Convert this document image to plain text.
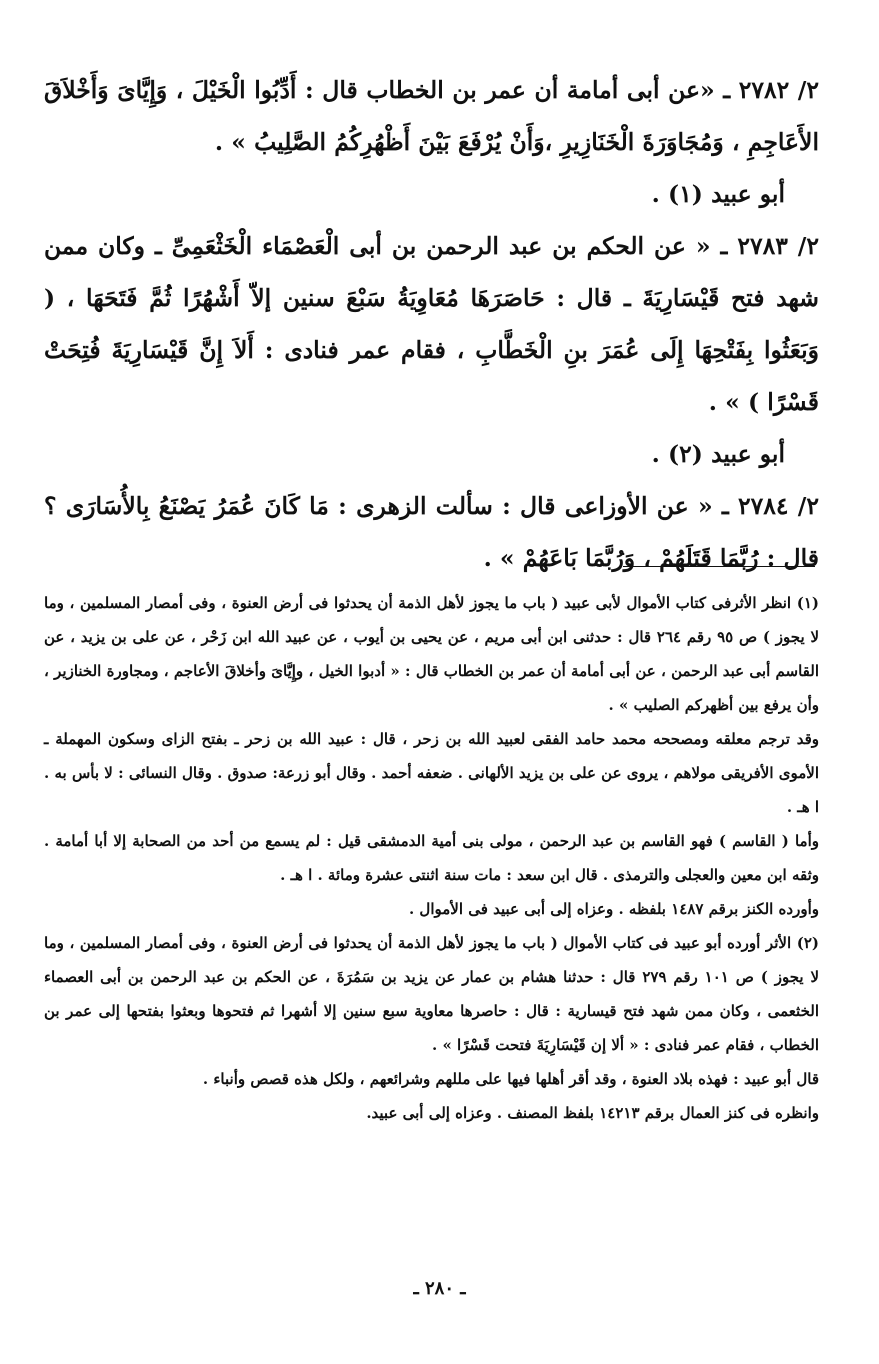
٢/ ٢٧٨٢ ـ «عن أبى أمامة أن عمر بن الخطاب قال : أَدِّبُوا الْخَيْلَ ، وَإِيَّاىَ وَأَخْلاَقَ الأَعَاجِمِ ، وَمُجَاوَرَةَ الْخَنَازِيرِ ،وَأَنْ يُرْفَعَ بَيْنَ أَظْهُرِكُمُ الصَّلِيبُ » .

أبو عبيد (١) .

٢/ ٢٧٨٣ ـ « عن الحكم بن عبد الرحمن بن أبى الْعَصْمَاء الْخَثْعَمِىِّ ـ وكان ممن شهد فتح قَيْسَارِيَةَ ـ قال : حَاصَرَهَا مُعَاوِيَةُ سَبْعَ سنين إلاّ أَشْهُرًا ثُمَّ فَتَحَهَا ، ( وَبَعَثُوا بِفَتْحِهَا إِلَى عُمَرَ بنِ الْخَطَّابِ ، فقام عمر فنادى : أَلاَ إِنَّ قَيْسَارِيَةَ فُتِحَتْ قَسْرًا ) » .

أبو عبيد (٢) .

٢/ ٢٧٨٤ ـ « عن الأوزاعى قال : سألت الزهرى : مَا كَانَ عُمَرُ يَصْنَعُ بِالأُسَارَى ؟ قال : رُبَّمَا قَتَلَهُمْ ، وَرُبَّمَا بَاعَهُمْ » .

(١) انظر الأثرفى كتاب الأموال لأبى عبيد ( باب ما يجوز لأهل الذمة أن يحدثوا فى أرض العنوة ، وفى أمصار المسلمين ، وما لا يجوز ) ص ٩٥ رقم ٢٦٤ قال : حدثنى ابن أبى مريم ، عن يحيى بن أيوب ، عن عبيد الله ابن زَحْر ، عن على بن يزيد ، عن القاسم أبى عبد الرحمن ، عن أبى أمامة أن عمر بن الخطاب قال : « أدبوا الخيل ، وإِيَّاىَ وأخلاقَ الأعاجم ، ومجاورة الخنازير ، وأن يرفع بين أظهركم الصليب » .

وقد ترجم معلقه ومصححه محمد حامد الفقى لعبيد الله بن زحر ، قال : عبيد الله بن زحر ـ بفتح الزاى وسكون المهملة ـ الأموى الأفريقى مولاهم ، يروى عن على بن يزيد الألهانى . ضعفه أحمد . وقال أبو زرعة: صدوق . وقال النسائى : لا بأس به . ا هـ .

وأما ( القاسم ) فهو القاسم بن عبد الرحمن ، مولى بنى أمية الدمشقى قيل : لم يسمع من أحد من الصحابة إلا أبا أمامة . وثقه ابن معين والعجلى والترمذى . قال ابن سعد : مات سنة اثنتى عشرة ومائة . ا هـ .

وأورده الكنز برقم ١٤٨٧ بلفظه . وعزاه إلى أبى عبيد فى الأموال .

(٢) الأثر أورده أبو عبيد فى كتاب الأموال ( باب ما يجوز لأهل الذمة أن يحدثوا فى أرض العنوة ، وفى أمصار المسلمين ، وما لا يجوز ) ص ١٠١ رقم ٢٧٩ قال : حدثنا هشام بن عمار عن يزيد بن سَمُرَةَ ، عن الحكم بن عبد الرحمن بن أبى العصماء الخثعمى ، وكان ممن شهد فتح قيسارية : قال : حاصرها معاوية سبع سنين إلا أشهرا ثم فتحوها وبعثوا بفتحها إلى عمر بن الخطاب ، فقام عمر فنادى : « ألا إن قَيْسَارِيَةَ فتحت قَسْرًا » .

قال أبو عبيد : فهذه بلاد العنوة ، وقد أقر أهلها فيها على مللهم وشرائعهم ، ولكل هذه قصص وأنباء .

وانظره فى كنز العمال برقم ١٤٢١٣ بلفظ المصنف . وعزاه إلى أبى عبيد.

ـ ٢٨٠ ـ
